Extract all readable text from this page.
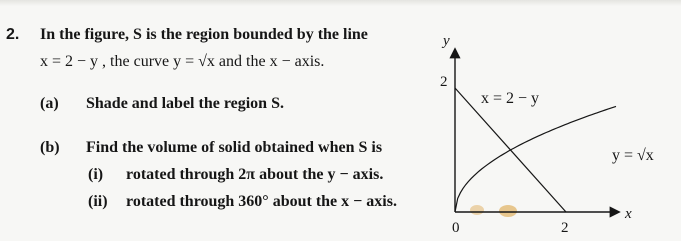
2. In the figure, S is the region bounded by the line
x = 2 − y , the curve y = √x and the x − axis.
(a) Shade and label the region S.
(b) Find the volume of solid obtained when S is
(i) rotated through 2π about the y − axis.
(ii) rotated through 360° about the x − axis.
y
x
2
2
0
x = 2 − y
y = √x
